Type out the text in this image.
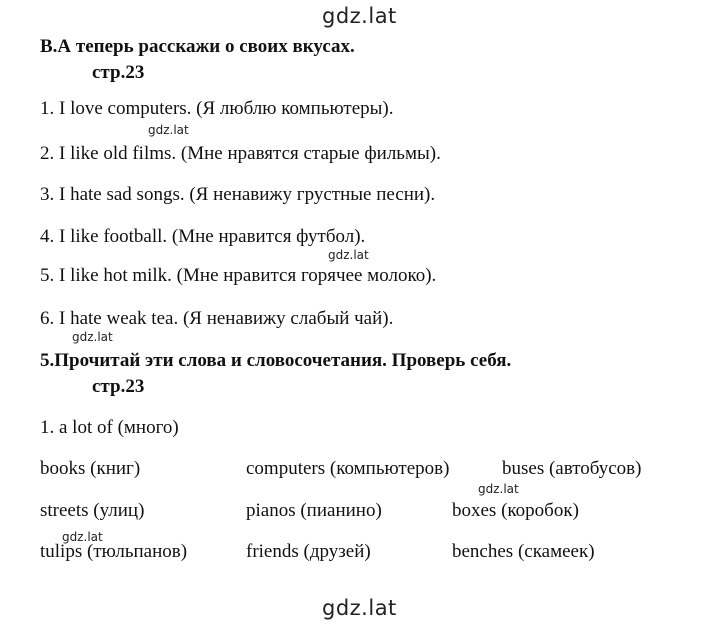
gdz.lat
B.А теперь расскажи о своих вкусах.
стр.23
1. I love computers. (Я люблю компьютеры).
gdz.lat
2. I like old films. (Мне нравятся старые фильмы).
3. I hate sad songs. (Я ненавижу грустные песни).
4. I like football. (Мне нравится футбол).
gdz.lat
5. I like hot milk. (Мне нравится горячее молоко).
6. I hate weak tea. (Я ненавижу слабый чай).
gdz.lat
5.Прочитай эти слова и словосочетания. Проверь себя.
стр.23
1. a lot of (много)
books (книг)	computers (компьютеров)	buses (автобусов)
gdz.lat
streets (улиц)	pianos (пианино)	boxes (коробок)
gdz.lat
tulips (тюльпанов)	friends (друзей)	benches (скамеек)
gdz.lat
